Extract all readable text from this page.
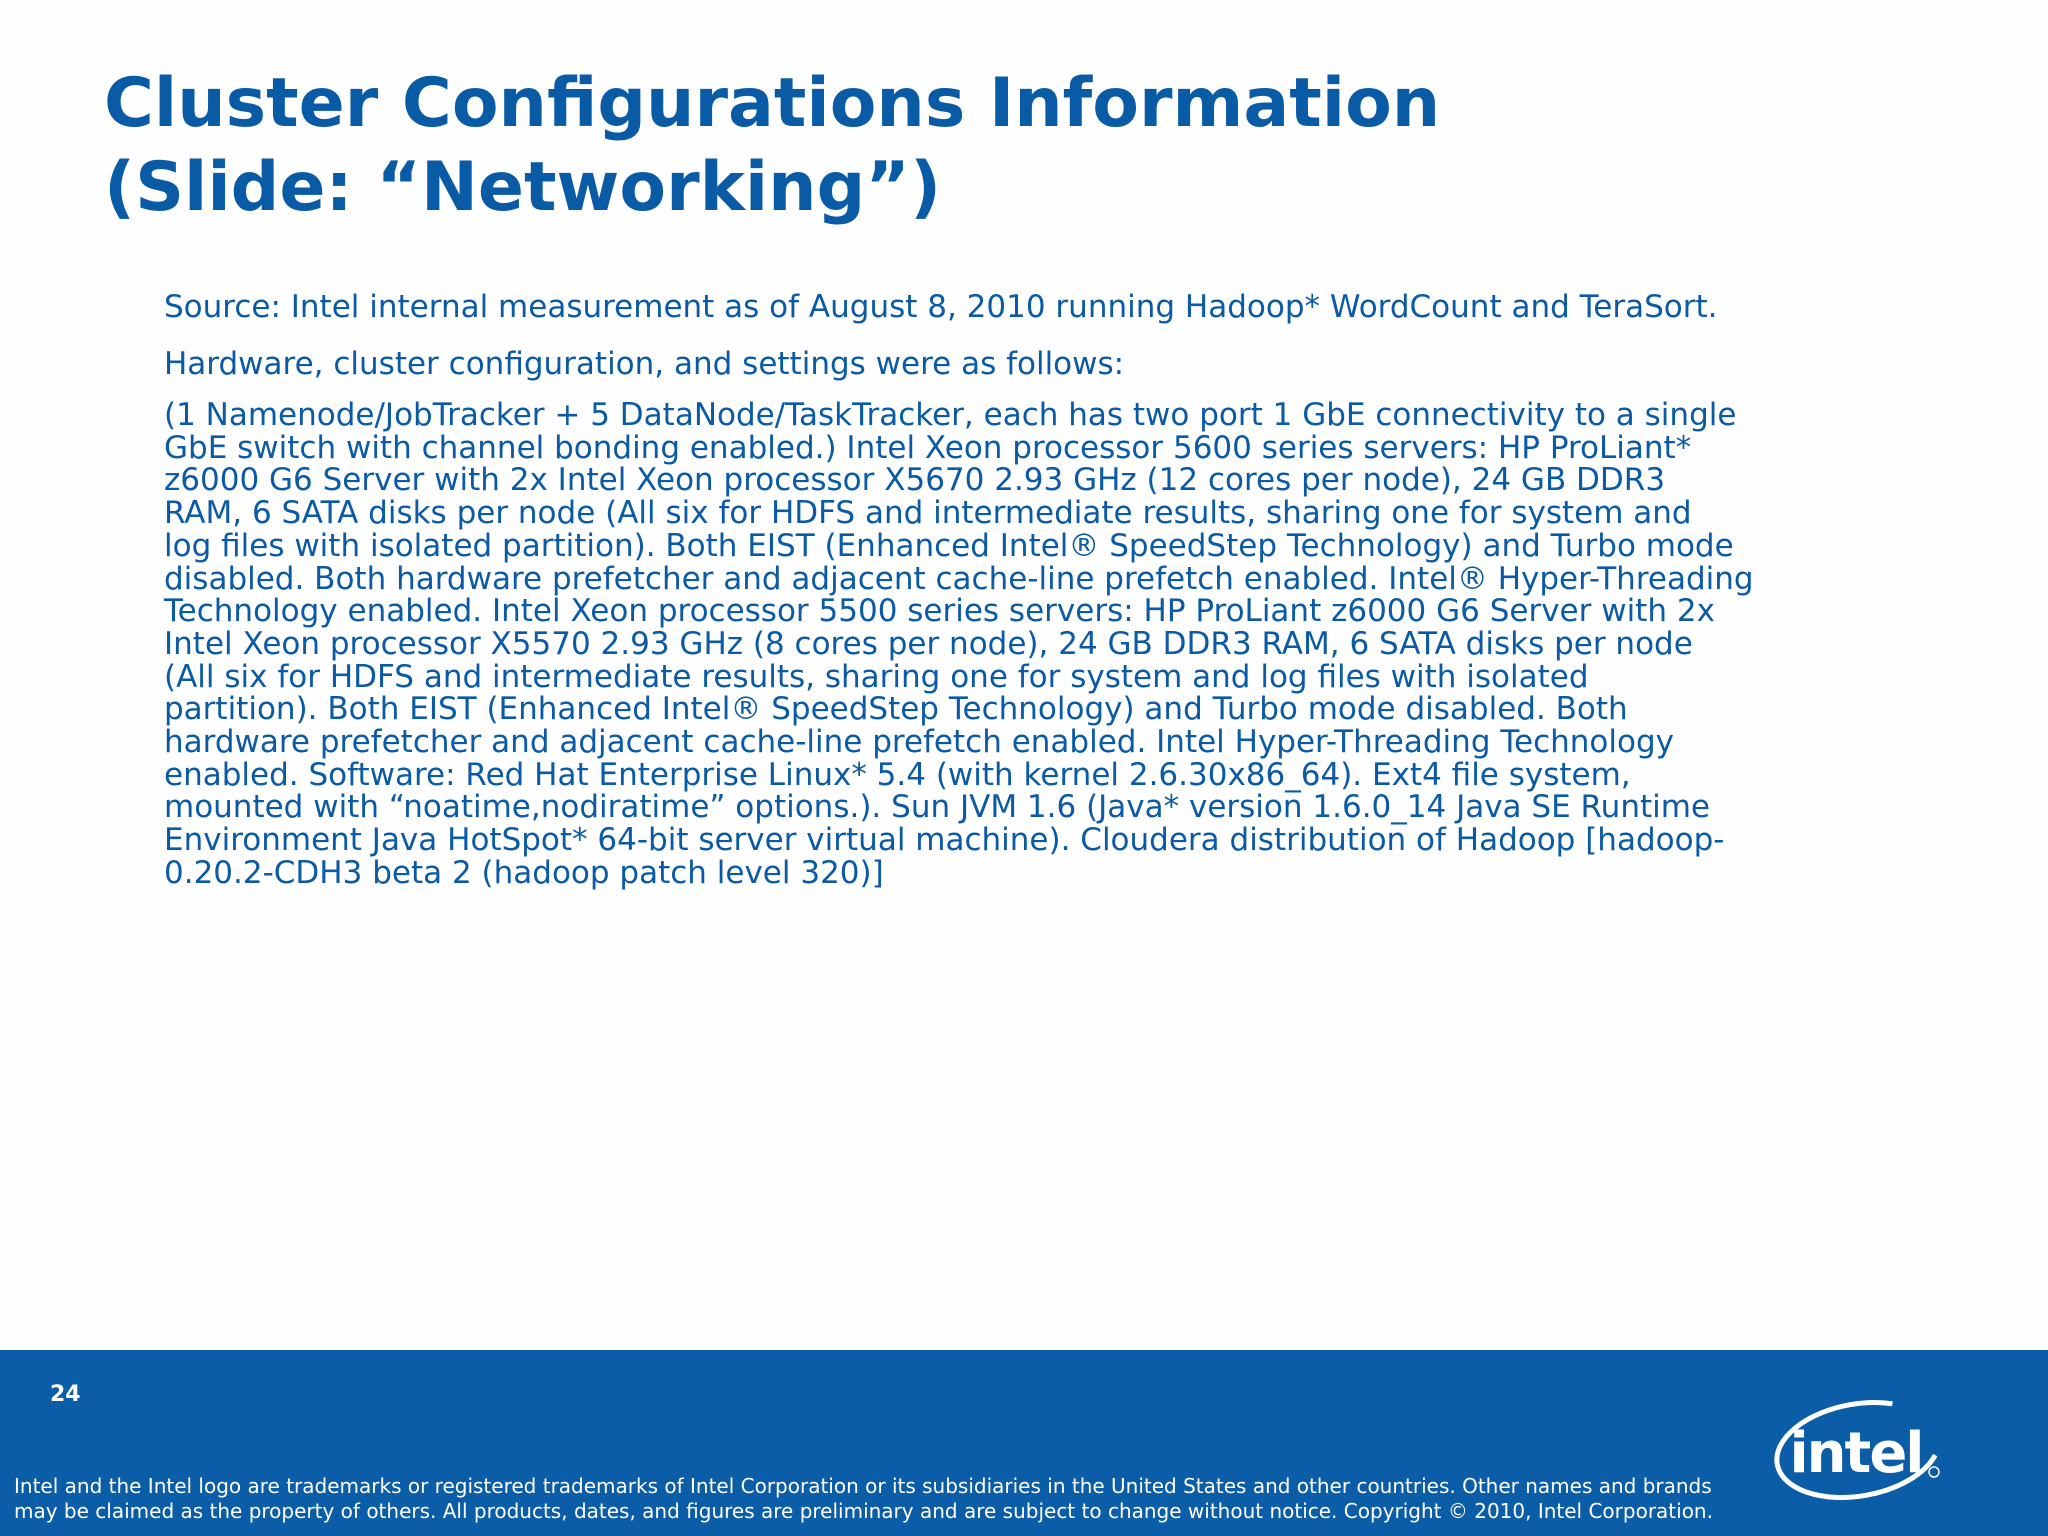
Cluster Configurations Information
(Slide: “Networking”)

Source: Intel internal measurement as of August 8, 2010 running Hadoop* WordCount and TeraSort.

Hardware, cluster configuration, and settings were as follows:

(1 Namenode/JobTracker + 5 DataNode/TaskTracker, each has two port 1 GbE connectivity to a single
GbE switch with channel bonding enabled.) Intel Xeon processor 5600 series servers: HP ProLiant*
z6000 G6 Server with 2x Intel Xeon processor X5670 2.93 GHz (12 cores per node), 24 GB DDR3
RAM, 6 SATA disks per node (All six for HDFS and intermediate results, sharing one for system and
log files with isolated partition). Both EIST (Enhanced Intel® SpeedStep Technology) and Turbo mode
disabled. Both hardware prefetcher and adjacent cache-line prefetch enabled. Intel® Hyper-Threading
Technology enabled. Intel Xeon processor 5500 series servers: HP ProLiant z6000 G6 Server with 2x
Intel Xeon processor X5570 2.93 GHz (8 cores per node), 24 GB DDR3 RAM, 6 SATA disks per node
(All six for HDFS and intermediate results, sharing one for system and log files with isolated
partition). Both EIST (Enhanced Intel® SpeedStep Technology) and Turbo mode disabled. Both
hardware prefetcher and adjacent cache-line prefetch enabled. Intel Hyper-Threading Technology
enabled. Software: Red Hat Enterprise Linux* 5.4 (with kernel 2.6.30x86_64). Ext4 file system,
mounted with “noatime,nodiratime” options.). Sun JVM 1.6 (Java* version 1.6.0_14 Java SE Runtime
Environment Java HotSpot* 64-bit server virtual machine). Cloudera distribution of Hadoop [hadoop-
0.20.2-CDH3 beta 2 (hadoop patch level 320)]
24
Intel and the Intel logo are trademarks or registered trademarks of Intel Corporation or its subsidiaries in the United States and other countries. Other names and brands
may be claimed as the property of others. All products, dates, and figures are preliminary and are subject to change without notice. Copyright © 2010, Intel Corporation.
intel
